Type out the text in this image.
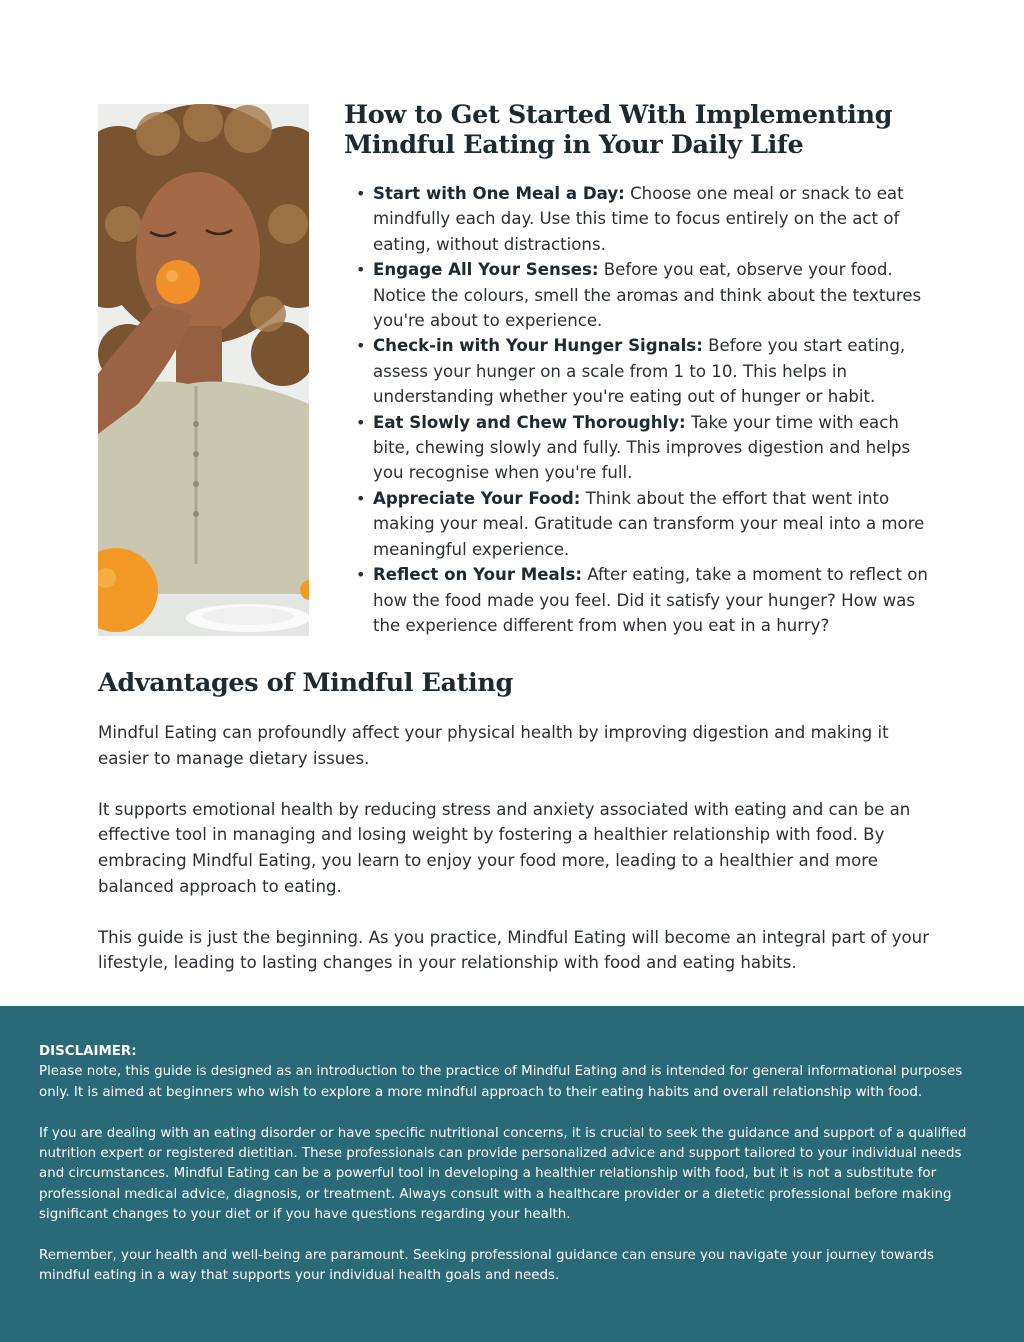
How to Get Started With Implementing
Mindful Eating in Your Daily Life
• Start with One Meal a Day: Choose one meal or snack to eat mindfully each day. Use this time to focus entirely on the act of eating, without distractions.
• Engage All Your Senses: Before you eat, observe your food. Notice the colours, smell the aromas and think about the textures you're about to experience.
• Check-in with Your Hunger Signals: Before you start eating, assess your hunger on a scale from 1 to 10. This helps in understanding whether you're eating out of hunger or habit.
• Eat Slowly and Chew Thoroughly: Take your time with each bite, chewing slowly and fully. This improves digestion and helps you recognise when you're full.
• Appreciate Your Food: Think about the effort that went into making your meal. Gratitude can transform your meal into a more meaningful experience.
• Reflect on Your Meals: After eating, take a moment to reflect on how the food made you feel. Did it satisfy your hunger? How was the experience different from when you eat in a hurry?
Advantages of Mindful Eating

Mindful Eating can profoundly affect your physical health by improving digestion and making it easier to manage dietary issues.

It supports emotional health by reducing stress and anxiety associated with eating and can be an effective tool in managing and losing weight by fostering a healthier relationship with food. By embracing Mindful Eating, you learn to enjoy your food more, leading to a healthier and more balanced approach to eating.

This guide is just the beginning. As you practice, Mindful Eating will become an integral part of your lifestyle, leading to lasting changes in your relationship with food and eating habits.

DISCLAIMER:

Please note, this guide is designed as an introduction to the practice of Mindful Eating and is intended for general informational purposes only. It is aimed at beginners who wish to explore a more mindful approach to their eating habits and overall relationship with food.

If you are dealing with an eating disorder or have specific nutritional concerns, it is crucial to seek the guidance and support of a qualified nutrition expert or registered dietitian. These professionals can provide personalized advice and support tailored to your individual needs and circumstances. Mindful Eating can be a powerful tool in developing a healthier relationship with food, but it is not a substitute for professional medical advice, diagnosis, or treatment. Always consult with a healthcare provider or a dietetic professional before making significant changes to your diet or if you have questions regarding your health.

Remember, your health and well-being are paramount. Seeking professional guidance can ensure you navigate your journey towards mindful eating in a way that supports your individual health goals and needs.
